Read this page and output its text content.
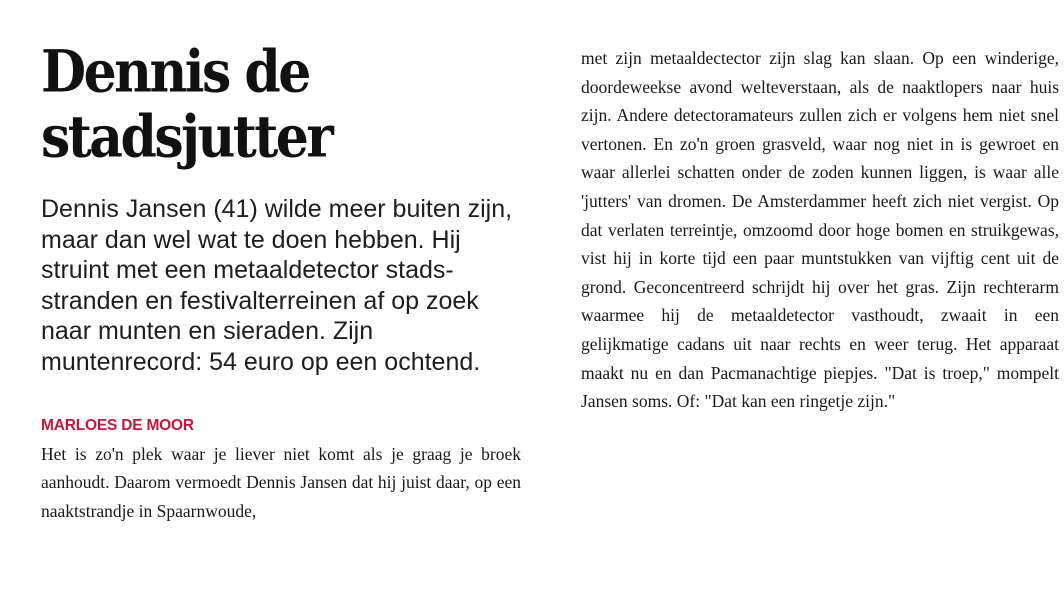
Dennis de stadsjutter

Dennis Jansen (41) wilde meer buiten zijn, maar dan wel wat te doen hebben. Hij struint met een metaaldetector stads-stranden en festivalterreinen af op zoek naar munten en sieraden. Zijn muntenrecord: 54 euro op een ochtend.

MARLOES DE MOOR

Het is zo'n plek waar je liever niet komt als je graag je broek aanhoudt. Daarom vermoedt Dennis Jansen dat hij juist daar, op een naaktstrandje in Spaarnwoude,

met zijn metaaldectector zijn slag kan slaan. Op een winderige, doordeweekse avond welteverstaan, als de naaktlopers naar huis zijn. Andere detectoramateurs zullen zich er volgens hem niet snel vertonen. En zo'n groen grasveld, waar nog niet in is gewroet en waar allerlei schatten onder de zoden kunnen liggen, is waar alle 'jutters' van dromen. De Amsterdammer heeft zich niet vergist. Op dat verlaten terreintje, omzoomd door hoge bomen en struikgewas, vist hij in korte tijd een paar muntstukken van vijftig cent uit de grond. Geconcentreerd schrijdt hij over het gras. Zijn rechterarm waarmee hij de metaaldetector vasthoudt, zwaait in een gelijkmatige cadans uit naar rechts en weer terug. Het apparaat maakt nu en dan Pacmanachtige piepjes. "Dat is troep," mompelt Jansen soms. Of: "Dat kan een ringetje zijn."
